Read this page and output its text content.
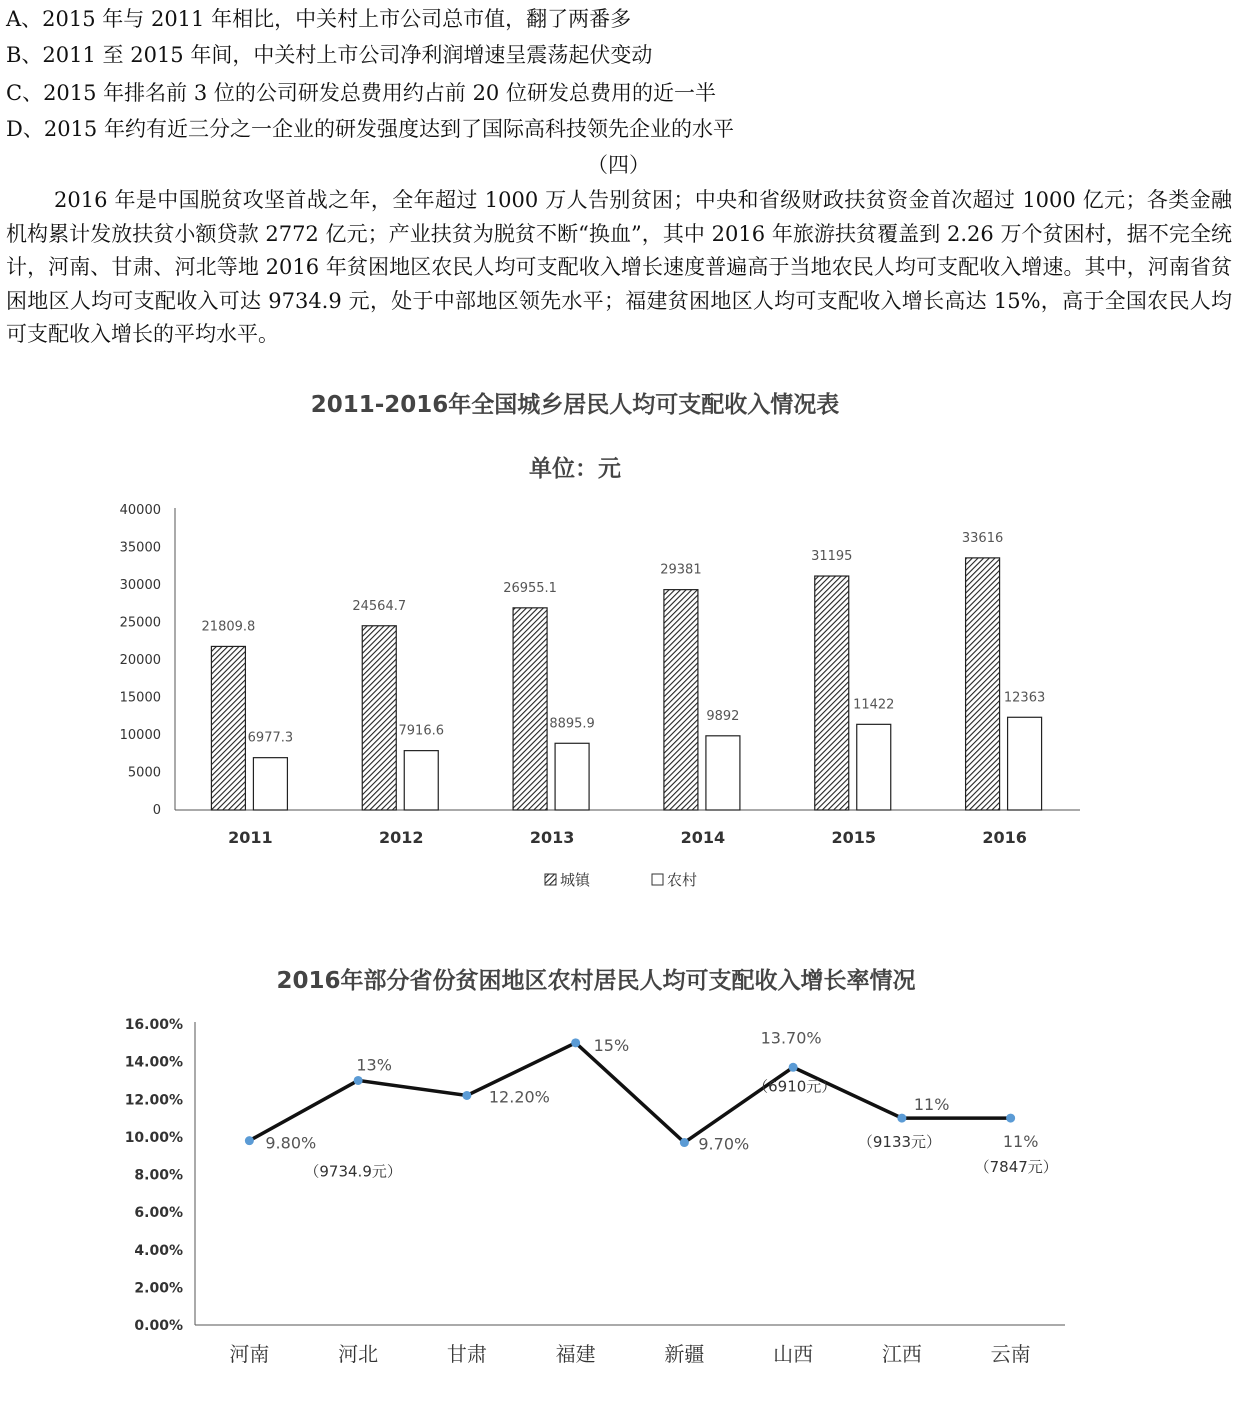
A、2015 年与 2011 年相比，中关村上市公司总市值，翻了两番多
B、2011 至 2015 年间，中关村上市公司净利润增速呈震荡起伏变动
C、2015 年排名前 3 位的公司研发总费用约占前 20 位研发总费用的近一半
D、2015 年约有近三分之一企业的研发强度达到了国际高科技领先企业的水平
（四）

2016 年是中国脱贫攻坚首战之年，全年超过 1000 万人告别贫困；中央和省级财政扶贫资金首次超过 1000 亿元；各类金融机构累计发放扶贫小额贷款 2772 亿元；产业扶贫为脱贫不断“换血”，其中 2016 年旅游扶贫覆盖到 2.26 万个贫困村，据不完全统计，河南、甘肃、河北等地 2016 年贫困地区农民人均可支配收入增长速度普遍高于当地农民人均可支配收入增速。其中，河南省贫困地区人均可支配收入可达 9734.9 元，处于中部地区领先水平；福建贫困地区人均可支配收入增长高达 15%，高于全国农民人均可支配收入增长的平均水平。

2011-2016年全国城乡居民人均可支配收入情况表
单位：元
0
5000
10000
15000
20000
25000
30000
35000
40000
2011	2012	2013	2014	2015	2016
21809.8
6977.3
24564.7
7916.6
26955.1
8895.9
29381
9892
31195
11422
33616
12363
城镇	农村
2016年部分省份贫困地区农村居民人均可支配收入增长率情况
0.00%
2.00%
4.00%
6.00%
8.00%
10.00%
12.00%
14.00%
16.00%
河南	河北	甘肃	福建	新疆	山西	江西	云南
9.80%
13%
12.20%
15%
9.70%
13.70%
11%
11%
（9734.9元）
（6910元）
（9133元）
（7847元）
